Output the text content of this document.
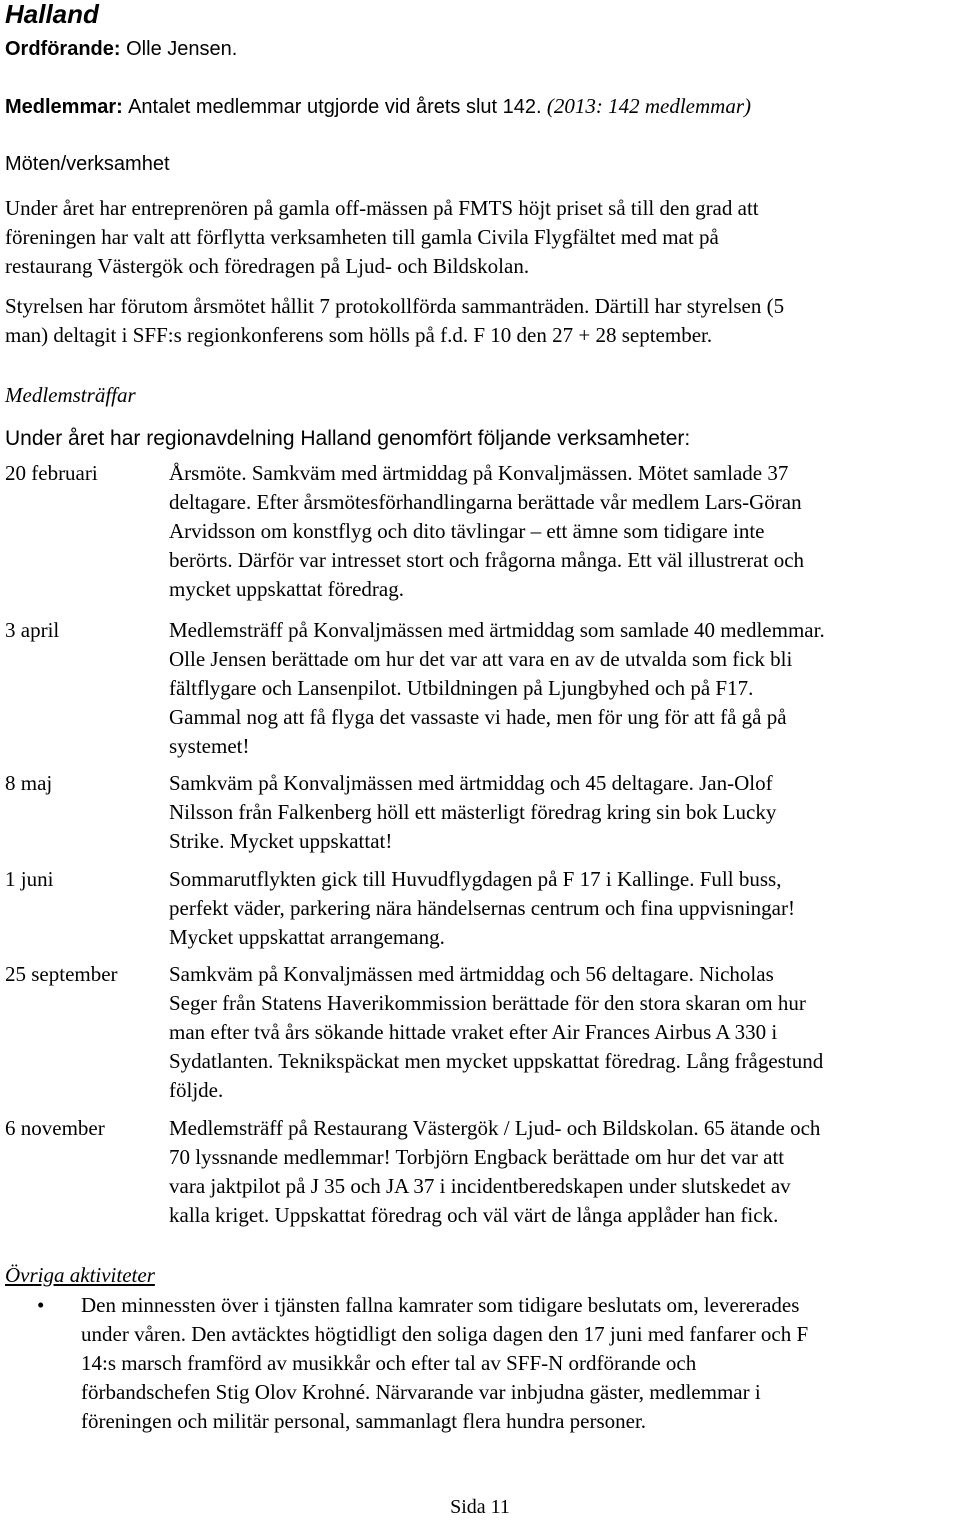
Halland
Ordförande: Olle Jensen.
Medlemmar: Antalet medlemmar utgjorde vid årets slut 142. (2013: 142 medlemmar)
Möten/verksamhet
Under året har entreprenören på gamla off-mässen på FMTS höjt priset så till den grad att
föreningen har valt att förflytta verksamheten till gamla Civila Flygfältet med mat på
restaurang Västergök och föredragen på Ljud- och Bildskolan.
Styrelsen har förutom årsmötet hållit 7 protokollförda sammanträden. Därtill har styrelsen (5
man) deltagit i SFF:s regionkonferens som hölls på f.d. F 10 den 27 + 28 september.
Medlemsträffar
Under året har regionavdelning Halland genomfört följande verksamheter:
20 februari	Årsmöte. Samkväm med ärtmiddag på Konvaljmässen. Mötet samlade 37
deltagare. Efter årsmötesförhandlingarna berättade vår medlem Lars-Göran
Arvidsson om konstflyg och dito tävlingar – ett ämne som tidigare inte
berörts. Därför var intresset stort och frågorna många. Ett väl illustrerat och
mycket uppskattat föredrag.
3 april	Medlemsträff på Konvaljmässen med ärtmiddag som samlade 40 medlemmar.
Olle Jensen berättade om hur det var att vara en av de utvalda som fick bli
fältflygare och Lansenpilot. Utbildningen på Ljungbyhed och på F17.
Gammal nog att få flyga det vassaste vi hade, men för ung för att få gå på
systemet!
8 maj	Samkväm på Konvaljmässen med ärtmiddag och 45 deltagare. Jan-Olof
Nilsson från Falkenberg höll ett mästerligt föredrag kring sin bok Lucky
Strike. Mycket uppskattat!
1 juni	Sommarutflykten gick till Huvudflygdagen på F 17 i Kallinge. Full buss,
perfekt väder, parkering nära händelsernas centrum och fina uppvisningar!
Mycket uppskattat arrangemang.
25 september	Samkväm på Konvaljmässen med ärtmiddag och 56 deltagare. Nicholas
Seger från Statens Haverikommission berättade för den stora skaran om hur
man efter två års sökande hittade vraket efter Air Frances Airbus A 330 i
Sydatlanten. Teknikspäckat men mycket uppskattat föredrag. Lång frågestund
följde.
6 november	Medlemsträff på Restaurang Västergök / Ljud- och Bildskolan. 65 ätande och
70 lyssnande medlemmar! Torbjörn Engback berättade om hur det var att
vara jaktpilot på J 35 och JA 37 i incidentberedskapen under slutskedet av
kalla kriget. Uppskattat föredrag och väl värt de långa applåder han fick.
Övriga aktiviteter
• Den minnessten över i tjänsten fallna kamrater som tidigare beslutats om, levererades
under våren. Den avtäcktes högtidligt den soliga dagen den 17 juni med fanfarer och F
14:s marsch framförd av musikkår och efter tal av SFF-N ordförande och
förbandschefen Stig Olov Krohné. Närvarande var inbjudna gäster, medlemmar i
föreningen och militär personal, sammanlagt flera hundra personer.
Sida 11
